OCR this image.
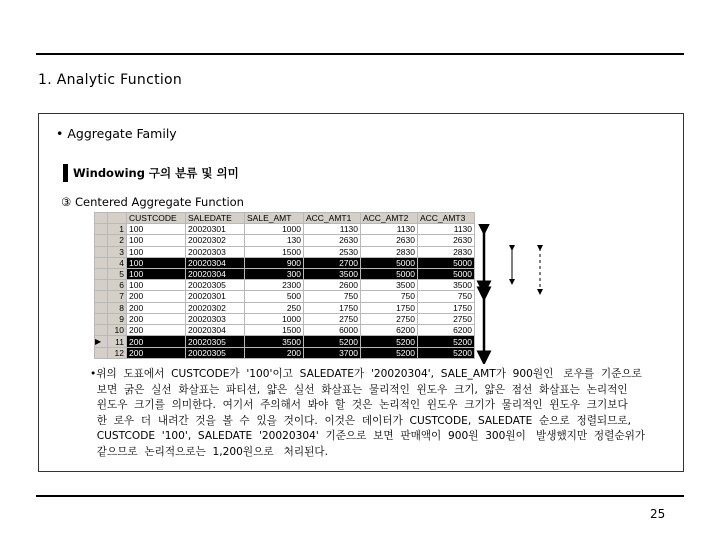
1. Analytic Function
• Aggregate Family
Windowing 구의 분류 및 의미
③ Centered Aggregate Function
		CUSTCODE	SALEDATE	SALE_AMT	ACC_AMT1	ACC_AMT2	ACC_AMT3
	1	100	20020301	1000	1130	1130	1130
	2	100	20020302	130	2630	2630	2630
	3	100	20020303	1500	2530	2830	2830
	4	100	20020304	900	2700	5000	5000
	5	100	20020304	300	3500	5000	5000
	6	100	20020305	2300	2600	3500	3500
	7	200	20020301	500	750	750	750
	8	200	20020302	250	1750	1750	1750
	9	200	20020303	1000	2750	2750	2750
	10	200	20020304	1500	6000	6200	6200
▶	11	200	20020305	3500	5200	5200	5200
	12	200	20020305	200	3700	5200	5200
•위의  도표에서  CUSTCODE가  '100'이고  SALEDATE가  '20020304',  SALE_AMT가  900원인   로우를  기준으로
보면  굵은  실선  화살표는  파티션,  얇은  실선  화살표는  물리적인  윈도우  크기,  얇은  점선  화살표는  논리적인
윈도우  크기를  의미한다.  여기서  주의해서  봐야  할  것은  논리적인  윈도우  크기가  물리적인  윈도우  크기보다
한  로우  더  내려간  것을  볼  수  있을  것이다.  이것은  데이터가  CUSTCODE,  SALEDATE  순으로  정렬되므로,
CUSTCODE  '100',  SALEDATE  '20020304'  기준으로  보면  판매액이  900원  300원이   발생했지만  정렬순위가
같으므로  논리적으로는  1,200원으로   처리된다.
25
